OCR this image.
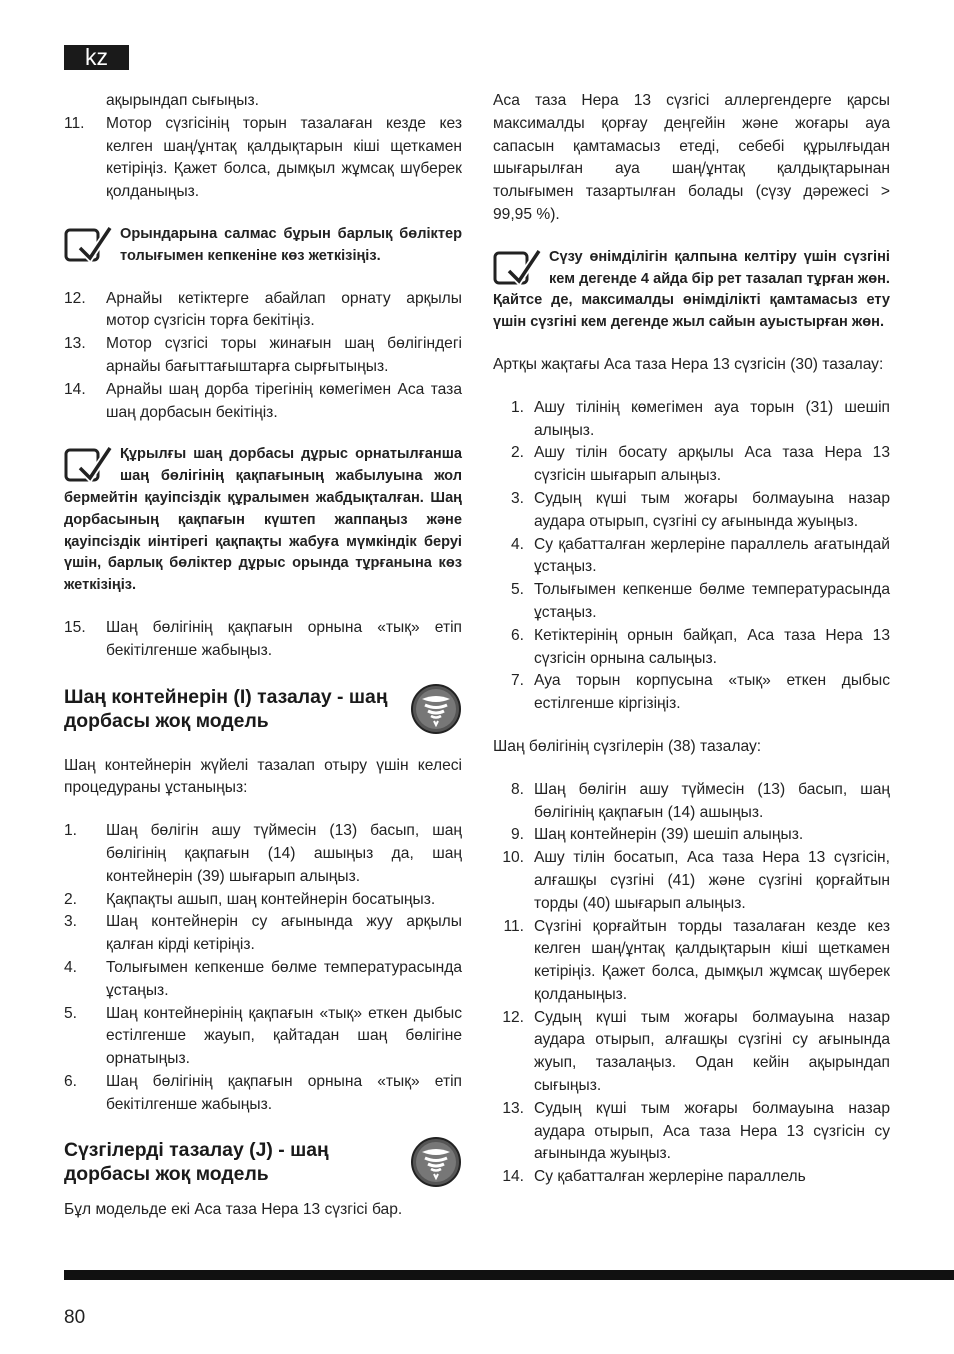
kz
ақырындап сығыңыз.
11.	Мотор сүзгісінің торын тазалаған кезде кез келген шаң/ұнтақ қалдықтарын кіші щеткамен кетіріңіз. Қажет болса, дымқыл жұмсақ шүберек қолданыңыз.
Орындарына салмас бұрын барлық бөліктер толығымен кепкеніне көз жеткізіңіз.
12.	Арнайы кетіктерге абайлап орнату арқылы мотор сүзгісін торға бекітіңіз.
13.	Мотор сүзгісі торы жинағын шаң бөлігіндегі арнайы бағыттағыштарға сырғытыңыз.
14.	Арнайы шаң дорба тірегінің көмегімен Аса таза шаң дорбасын бекітіңіз.
Құрылғы шаң дорбасы дұрыс орнатылғанша шаң бөлігінің қақпағының жабылуына жол бермейтін қауіпсіздік құралымен жабдықталған. Шаң дорбасының қақпағын күштеп жаппаңыз және қауіпсіздік иінтірегі қақпақты жабуға мүмкіндік беруі үшін, барлық бөліктер дұрыс орында тұрғанына көз жеткізіңіз.
15.	Шаң бөлігінің қақпағын орнына «тық» етіп бекітілгенше жабыңыз.
Шаң контейнерін (I) тазалау - шаң дорбасы жоқ модель

Шаң контейнерін жүйелі тазалап отыру үшін келесі процедураны ұстаныңыз:

1.	Шаң бөлігін ашу түймесін (13) басып, шаң бөлігінің қақпағын (14) ашыңыз да, шаң контейнерін (39) шығарып алыңыз.
2.	Қақпақты ашып, шаң контейнерін босатыңыз.
3.	Шаң контейнерін су ағынында жуу арқылы қалған кірді кетіріңіз.
4.	Толығымен кепкенше бөлме температурасында ұстаңыз.
5.	Шаң контейнерінің қақпағын «тық» еткен дыбыс естілгенше жауып, қайтадан шаң бөлігіне орнатыңыз.
6.	Шаң бөлігінің қақпағын орнына «тық» етіп бекітілгенше жабыңыз.
Сүзгілерді тазалау (J) - шаң дорбасы жоқ модель

Бұл модельде екі Аса таза Hepa 13 сүзгісі бар.

Аса таза Hepa 13 сүзгісі аллергендерге қарсы максималды қорғау деңгейін және жоғары ауа сапасын қамтамасыз етеді, себебі құрылғыдан шығарылған ауа шаң/ұнтақ қалдықтарынан толығымен тазартылған болады (сүзу дәрежесі > 99,95 %).

Сүзу өнімділігін қалпына келтіру үшін сүзгіні кем дегенде 4 айда бір рет тазалап тұрған жөн. Қайтсе де, максималды өнімділікті қамтамасыз ету үшін сүзгіні кем дегенде жыл сайын ауыстырған жөн.

Артқы жақтағы Аса таза Hepa 13 сүзгісін (30) тазалау:

1. Ашу тілінің көмегімен ауа торын (31) шешіп алыңыз.
2. Ашу тілін босату арқылы Аса таза Hepa 13 сүзгісін шығарып алыңыз.
3. Судың күші тым жоғары болмауына назар аудара отырып, сүзгіні су ағынында жуыңыз.
4. Су қабатталған жерлеріне параллель ағатындай ұстаңыз.
5. Толығымен кепкенше бөлме температурасында ұстаңыз.
6. Кетіктерінің орнын байқап, Аса таза Hepa 13 сүзгісін орнына салыңыз.
7. Ауа торын корпусына «тық» еткен дыбыс естілгенше кіргізіңіз.

Шаң бөлігінің сүзгілерін (38) тазалау:

8. Шаң бөлігін ашу түймесін (13) басып, шаң бөлігінің қақпағын (14) ашыңыз.
9. Шаң контейнерін (39) шешіп алыңыз.
10. Ашу тілін босатып, Аса таза Hepa 13 сүзгісін, алғашқы сүзгіні (41) және сүзгіні қорғайтын торды (40) шығарып алыңыз.
11. Сүзгіні қорғайтын торды тазалаған кезде кез келген шаң/ұнтақ қалдықтарын кіші щеткамен кетіріңіз. Қажет болса, дымқыл жұмсақ шүберек қолданыңыз.
12. Судың күші тым жоғары болмауына назар аудара отырып, алғашқы сүзгіні су ағынында жуып, тазалаңыз. Одан кейін ақырындап сығыңыз.
13. Судың күші тым жоғары болмауына назар аудара отырып, Аса таза Hepa 13 сүзгісін су ағынында жуыңыз.
14. Су қабатталған жерлеріне параллель
80
